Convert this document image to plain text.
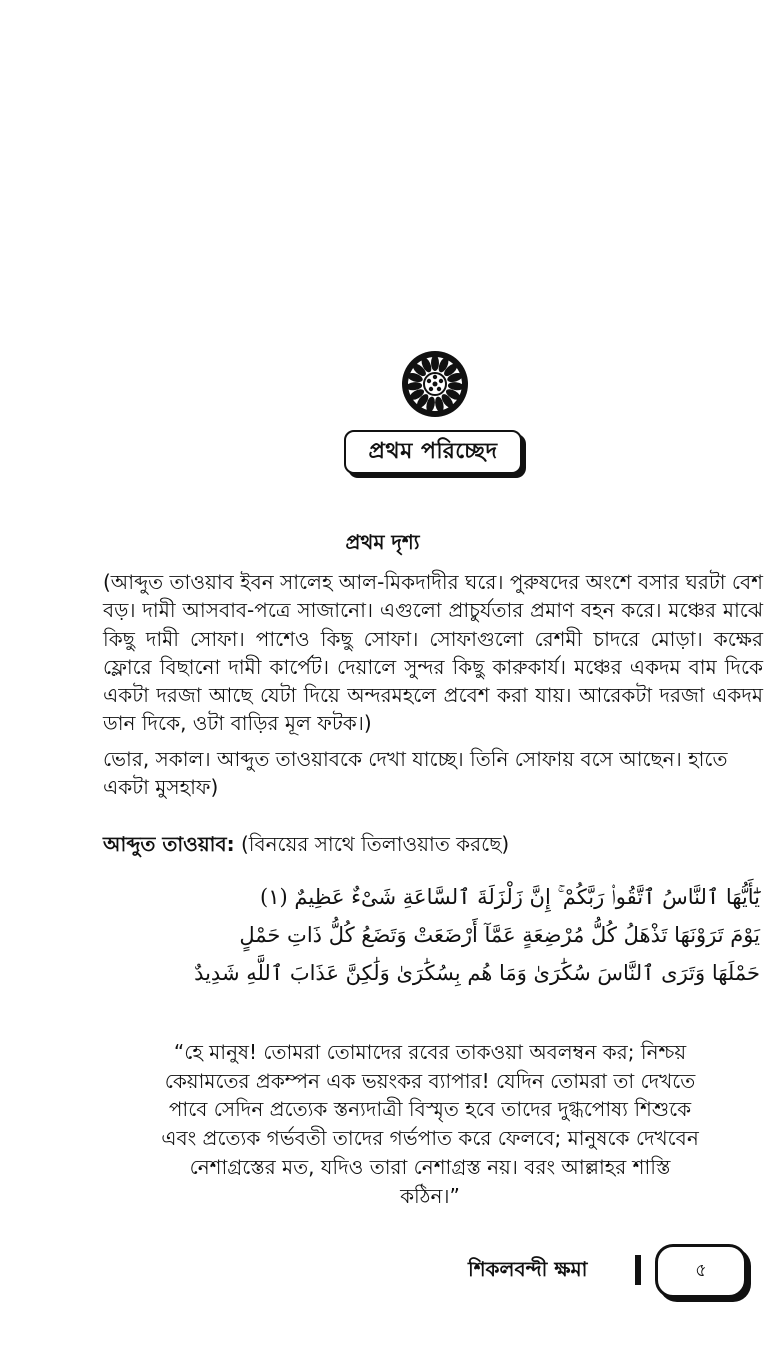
প্রথম পরিচ্ছেদ
প্রথম দৃশ্য
(আব্দুত তাওয়াব ইবন সালেহ আল-মিকদাদীর ঘরে। পুরুষদের অংশে বসার ঘরটা বেশ বড়। দামী আসবাব-পত্রে সাজানো। এগুলো প্রাচুর্যতার প্রমাণ বহন করে। মঞ্চের মাঝে কিছু দামী সোফা। পাশেও কিছু সোফা। সোফাগুলো রেশমী চাদরে মোড়া। কক্ষের ফ্লোরে বিছানো দামী কার্পেট। দেয়ালে সুন্দর কিছু কারুকার্য। মঞ্চের একদম বাম দিকে একটা দরজা আছে যেটা দিয়ে অন্দরমহলে প্রবেশ করা যায়। আরেকটা দরজা একদম ডান দিকে, ওটা বাড়ির মূল ফটক।)
ভোর, সকাল। আব্দুত তাওয়াবকে দেখা যাচ্ছে। তিনি সোফায় বসে আছেন। হাতে একটা মুসহাফ)
আব্দুত তাওয়াব: (বিনয়ের সাথে তিলাওয়াত করছে)
يَٰٓأَيُّهَا ٱلنَّاسُ ٱتَّقُوا۟ رَبَّكُمْ ۚ إِنَّ زَلْزَلَةَ ٱلسَّاعَةِ شَىْءٌ عَظِيمٌ (١)
يَوْمَ تَرَوْنَهَا تَذْهَلُ كُلُّ مُرْضِعَةٍ عَمَّآ أَرْضَعَتْ وَتَضَعُ كُلُّ ذَاتِ حَمْلٍ
حَمْلَهَا وَتَرَى ٱلنَّاسَ سُكَٰرَىٰ وَمَا هُم بِسُكَٰرَىٰ وَلَٰكِنَّ عَذَابَ ٱللَّهِ شَدِيدٌ
“হে মানুষ! তোমরা তোমাদের রবের তাকওয়া অবলম্বন কর; নিশ্চয় কেয়ামতের প্রকম্পন এক ভয়ংকর ব্যাপার! যেদিন তোমরা তা দেখতে পাবে সেদিন প্রত্যেক স্তন্যদাত্রী বিস্মৃত হবে তাদের দুগ্ধপোষ্য শিশুকে এবং প্রত্যেক গর্ভবতী তাদের গর্ভপাত করে ফেলবে; মানুষকে দেখবেন নেশাগ্রস্তের মত, যদিও তারা নেশাগ্রস্ত নয়। বরং আল্লাহর শাস্তি কঠিন।”
শিকলবন্দী ক্ষমা	৫
